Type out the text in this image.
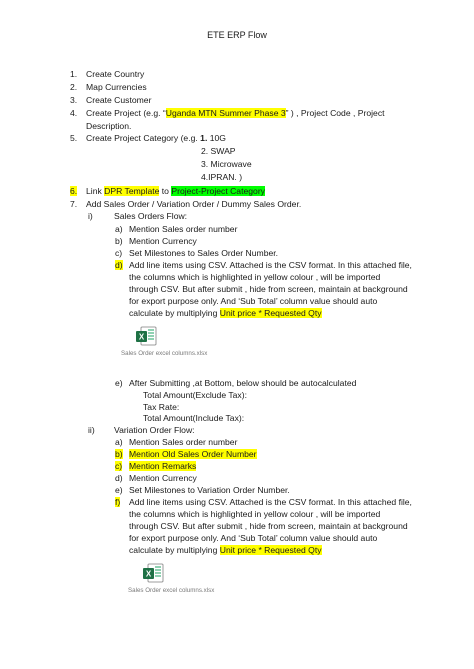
ETE ERP Flow
1. Create Country
2. Map Currencies
3. Create Customer
4. Create Project (e.g. “Uganda MTN Summer Phase 3” ) , Project Code , Project
Description.
5. Create Project Category (e.g. 1. 10G
2. SWAP
3. Microwave
4.IPRAN. )
6. Link DPR Template to Project-Project Category
7. Add Sales Order / Variation Order / Dummy Sales Order.
i) Sales Orders Flow:
a) Mention Sales order number
b) Mention Currency
c) Set Milestones to Sales Order Number.
d) Add line items using CSV. Attached is the CSV format. In this attached file,
the columns which is highlighted in yellow colour , will be imported
through CSV. But after submit , hide from screen, maintain at background
for export purpose only. And ‘Sub Total’ column value should auto
calculate by multiplying Unit price * Requested Qty
X
Sales Order excel columns.xlsx
e) After Submitting ,at Bottom, below should be autocalculated
Total Amount(Exclude Tax):
Tax Rate:
Total Amount(Include Tax):
ii) Variation Order Flow:
a) Mention Sales order number
b) Mention Old Sales Order Number
c) Mention Remarks
d) Mention Currency
e) Set Milestones to Variation Order Number.
f) Add line items using CSV. Attached is the CSV format. In this attached file,
the columns which is highlighted in yellow colour , will be imported
through CSV. But after submit , hide from screen, maintain at background
for export purpose only. And ‘Sub Total’ column value should auto
calculate by multiplying Unit price * Requested Qty
X
Sales Order excel columns.xlsx
